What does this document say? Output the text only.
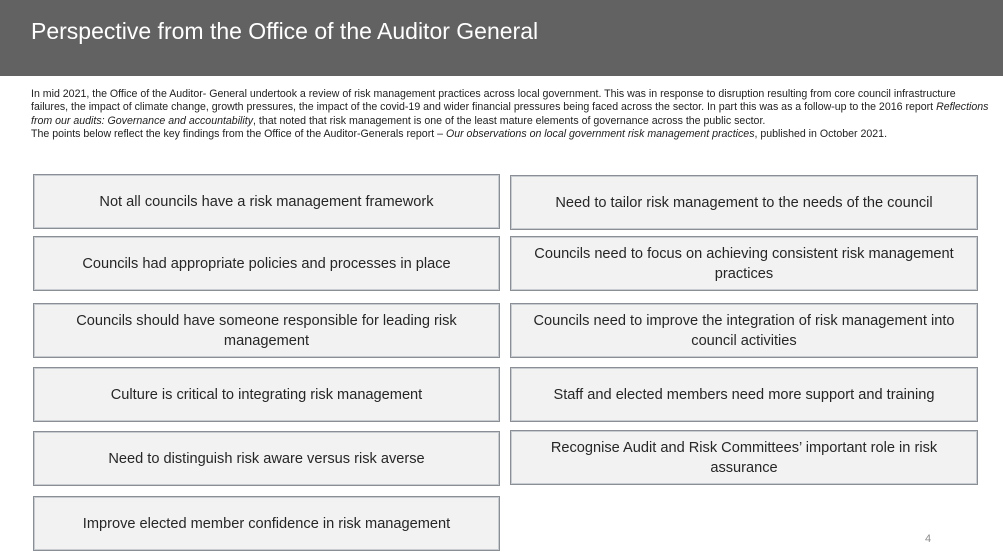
Perspective from the Office of the Auditor General

In mid 2021, the Office of the Auditor- General undertook a review of risk management practices across local government. This was in response to disruption resulting from core council infrastructure failures, the impact of climate change, growth pressures, the impact of the covid-19 and wider financial pressures being faced across the sector. In part this was as a follow-up to the 2016 report Reflections from our audits: Governance and accountability, that noted that risk management is one of the least mature elements of governance across the public sector.

The points below reflect the key findings from the Office of the Auditor-Generals report – Our observations on local government risk management practices, published in October 2021.

Not all councils have a risk management framework
Councils had appropriate policies and processes in place
Councils should have someone responsible for leading risk management
Culture is critical to integrating risk management
Need to distinguish risk aware versus risk averse
Improve elected member confidence in risk management
Need to tailor risk management to the needs of the council
Councils need to focus on achieving consistent risk management practices
Councils need to improve the integration of risk management into council activities
Staff and elected members need more support and training
Recognise Audit and Risk Committees’ important role in risk assurance
4
